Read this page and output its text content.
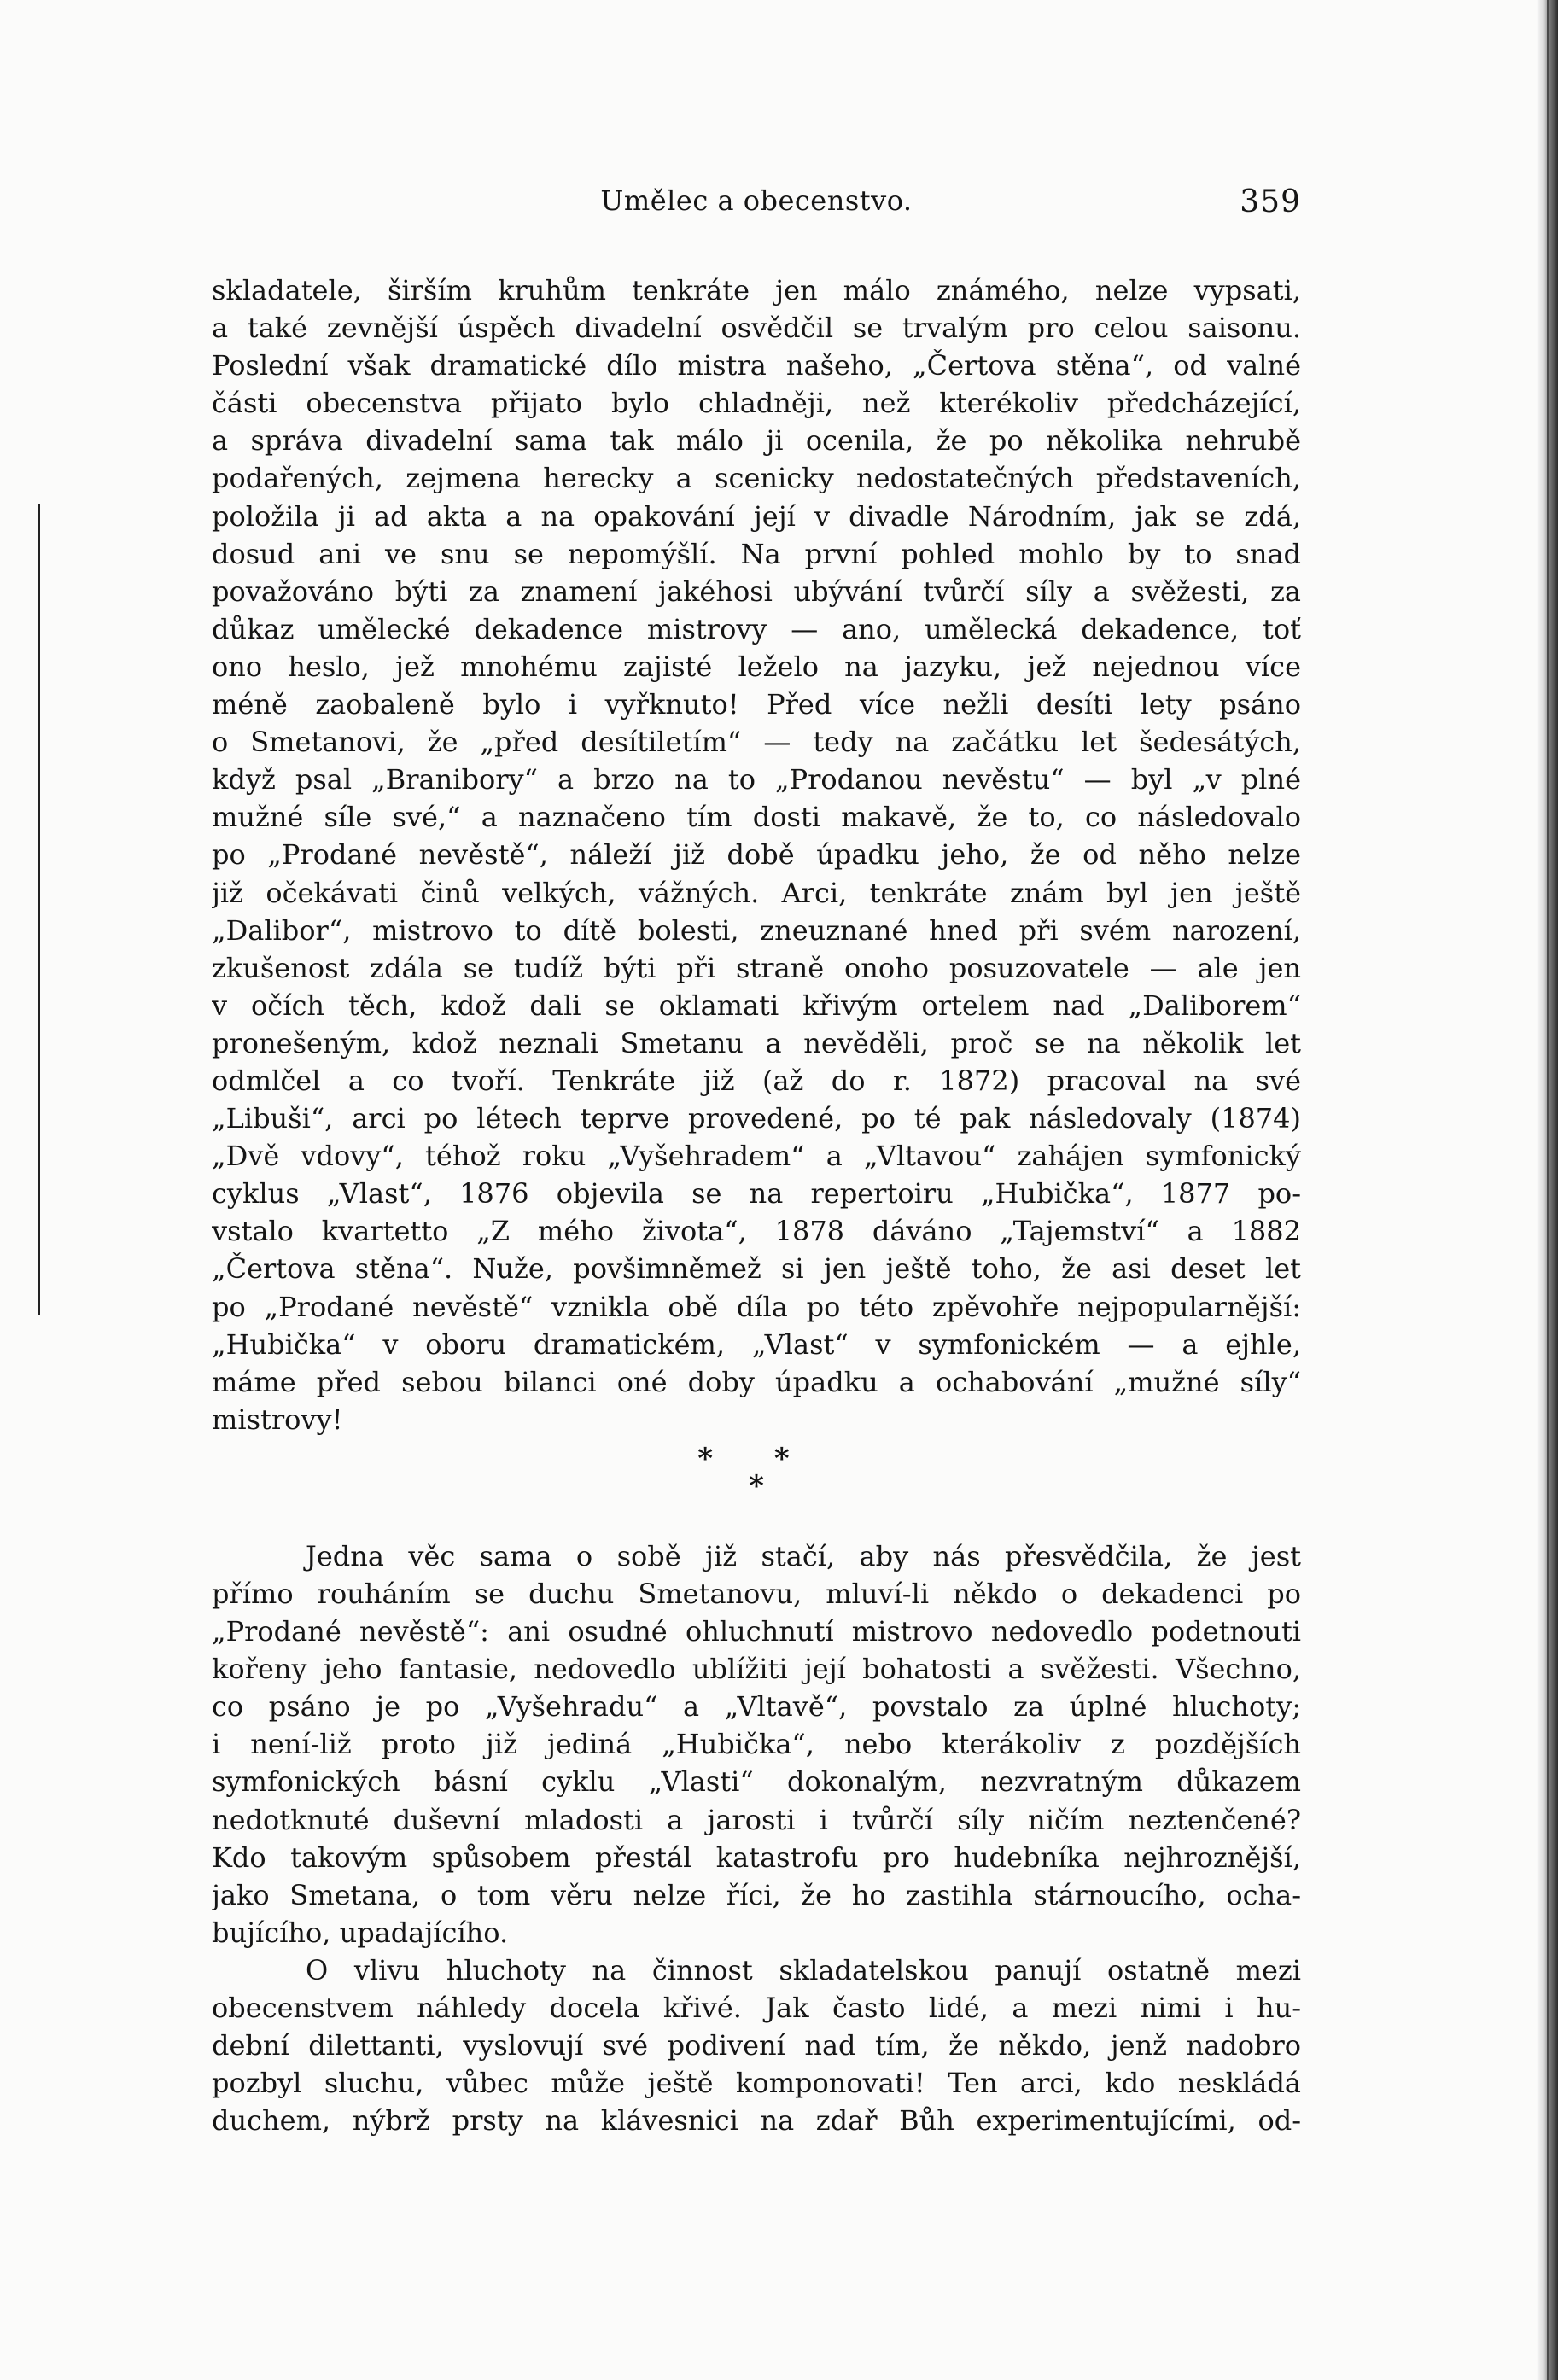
Umělec a obecenstvo.	359
skladatele, širším kruhům tenkráte jen málo známého, nelze vypsati,
a také zevnější úspěch divadelní osvědčil se trvalým pro celou saisonu.
Poslední však dramatické dílo mistra našeho, „Čertova stěna“, od valné
části obecenstva přijato bylo chladněji, než kterékoliv předcházející,
a správa divadelní sama tak málo ji ocenila, že po několika nehrubě
podařených, zejmena herecky a scenicky nedostatečných představeních,
položila ji ad akta a na opakování její v divadle Národním, jak se zdá,
dosud ani ve snu se nepomýšlí. Na první pohled mohlo by to snad
považováno býti za znamení jakéhosi ubývání tvůrčí síly a svěžesti, za
důkaz umělecké dekadence mistrovy — ano, umělecká dekadence, toť
ono heslo, jež mnohému zajisté leželo na jazyku, jež nejednou více
méně zaobaleně bylo i vyřknuto! Před více nežli desíti lety psáno
o Smetanovi, že „před desítiletím“ — tedy na začátku let šedesátých,
když psal „Branibory“ a brzo na to „Prodanou nevěstu“ — byl „v plné
mužné síle své,“ a naznačeno tím dosti makavě, že to, co následovalo
po „Prodané nevěstě“, náleží již době úpadku jeho, že od něho nelze
již očekávati činů velkých, vážných. Arci, tenkráte znám byl jen ještě
„Dalibor“, mistrovo to dítě bolesti, zneuznané hned při svém narození,
zkušenost zdála se tudíž býti při straně onoho posuzovatele — ale jen
v očích těch, kdož dali se oklamati křivým ortelem nad „Daliborem“
pronešeným, kdož neznali Smetanu a nevěděli, proč se na několik let
odmlčel a co tvoří. Tenkráte již (až do r. 1872) pracoval na své
„Libuši“, arci po létech teprve provedené, po té pak následovaly (1874)
„Dvě vdovy“, téhož roku „Vyšehradem“ a „Vltavou“ zahájen symfonický
cyklus „Vlast“, 1876 objevila se na repertoiru „Hubička“, 1877 po-
vstalo kvartetto „Z mého života“, 1878 dáváno „Tajemství“ a 1882
„Čertova stěna“. Nuže, povšimněmež si jen ještě toho, že asi deset let
po „Prodané nevěstě“ vznikla obě díla po této zpěvohře nejpopularnější:
„Hubička“ v oboru dramatickém, „Vlast“ v symfonickém — a ejhle,
máme před sebou bilanci oné doby úpadku a ochabování „mužné síly“
mistrovy!
* *
*
Jedna věc sama o sobě již stačí, aby nás přesvědčila, že jest
přímo rouháním se duchu Smetanovu, mluví-li někdo o dekadenci po
„Prodané nevěstě“: ani osudné ohluchnutí mistrovo nedovedlo podetnouti
kořeny jeho fantasie, nedovedlo ublížiti její bohatosti a svěžesti. Všechno,
co psáno je po „Vyšehradu“ a „Vltavě“, povstalo za úplné hluchoty;
i není-liž proto již jediná „Hubička“, nebo kterákoliv z pozdějších
symfonických básní cyklu „Vlasti“ dokonalým, nezvratným důkazem
nedotknuté duševní mladosti a jarosti i tvůrčí síly ničím neztenčené?
Kdo takovým spůsobem přestál katastrofu pro hudebníka nejhroznější,
jako Smetana, o tom věru nelze říci, že ho zastihla stárnoucího, ocha-
bujícího, upadajícího.
O vlivu hluchoty na činnost skladatelskou panují ostatně mezi
obecenstvem náhledy docela křivé. Jak často lidé, a mezi nimi i hu-
dební dilettanti, vyslovují své podivení nad tím, že někdo, jenž nadobro
pozbyl sluchu, vůbec může ještě komponovati! Ten arci, kdo neskládá
duchem, nýbrž prsty na klávesnici na zdař Bůh experimentujícími, od-
